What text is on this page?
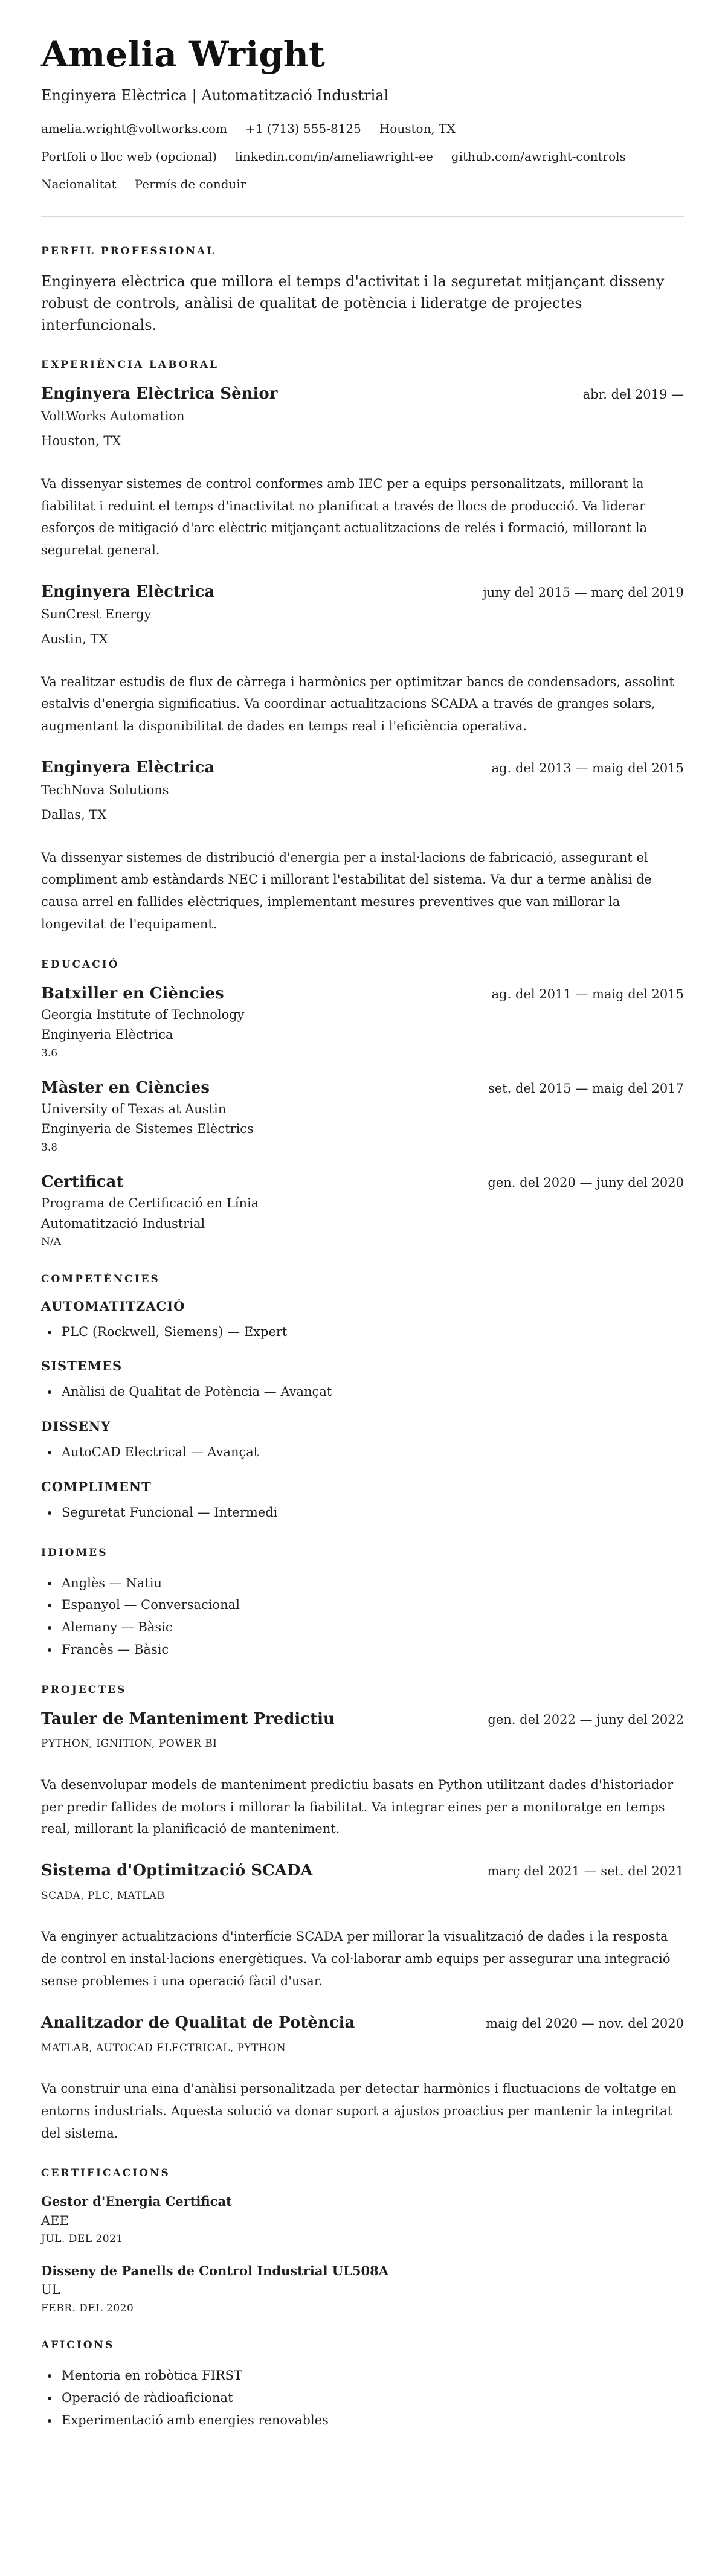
Amelia Wright
Enginyera Elèctrica | Automatització Industrial
amelia.wright@voltworks.com +1 (713) 555-8125 Houston, TX
Portfoli o lloc web (opcional) linkedin.com/in/ameliawright-ee github.com/awright-controls
Nacionalitat Permís de conduir
PERFIL PROFESSIONAL

Enginyera elèctrica que millora el temps d'activitat i la seguretat mitjançant disseny robust de controls, anàlisi de qualitat de potència i lideratge de projectes interfuncionals.

EXPERIÈNCIA LABORAL
Enginyera Elèctrica Sènior	abr. del 2019 —
VoltWorks Automation
Houston, TX
Va dissenyar sistemes de control conformes amb IEC per a equips personalitzats, millorant la fiabilitat i reduint el temps d'inactivitat no planificat a través de llocs de producció. Va liderar esforços de mitigació d'arc elèctric mitjançant actualitzacions de relés i formació, millorant la seguretat general.
Enginyera Elèctrica	juny del 2015 — març del 2019
SunCrest Energy
Austin, TX
Va realitzar estudis de flux de càrrega i harmònics per optimitzar bancs de condensadors, assolint estalvis d'energia significatius. Va coordinar actualitzacions SCADA a través de granges solars, augmentant la disponibilitat de dades en temps real i l'eficiència operativa.
Enginyera Elèctrica	ag. del 2013 — maig del 2015
TechNova Solutions
Dallas, TX
Va dissenyar sistemes de distribució d'energia per a instal·lacions de fabricació, assegurant el compliment amb estàndards NEC i millorant l'estabilitat del sistema. Va dur a terme anàlisi de causa arrel en fallides elèctriques, implementant mesures preventives que van millorar la longevitat de l'equipament.
EDUCACIÓ
Batxiller en Ciències	ag. del 2011 — maig del 2015
Georgia Institute of Technology
Enginyeria Elèctrica
3.6
Màster en Ciències	set. del 2015 — maig del 2017
University of Texas at Austin
Enginyeria de Sistemes Elèctrics
3.8
Certificat	gen. del 2020 — juny del 2020
Programa de Certificació en Línia
Automatització Industrial
N/A
COMPETÈNCIES
AUTOMATITZACIÓ
• PLC (Rockwell, Siemens) — Expert
SISTEMES
• Anàlisi de Qualitat de Potència — Avançat
DISSENY
• AutoCAD Electrical — Avançat
COMPLIMENT
• Seguretat Funcional — Intermedi
IDIOMES
• Anglès — Natiu
• Espanyol — Conversacional
• Alemany — Bàsic
• Francès — Bàsic
PROJECTES
Tauler de Manteniment Predictiu	gen. del 2022 — juny del 2022
PYTHON, IGNITION, POWER BI
Va desenvolupar models de manteniment predictiu basats en Python utilitzant dades d'historiador per predir fallides de motors i millorar la fiabilitat. Va integrar eines per a monitoratge en temps real, millorant la planificació de manteniment.
Sistema d'Optimització SCADA	març del 2021 — set. del 2021
SCADA, PLC, MATLAB
Va enginyer actualitzacions d'interfície SCADA per millorar la visualització de dades i la resposta de control en instal·lacions energètiques. Va col·laborar amb equips per assegurar una integració sense problemes i una operació fàcil d'usar.
Analitzador de Qualitat de Potència	maig del 2020 — nov. del 2020
MATLAB, AUTOCAD ELECTRICAL, PYTHON
Va construir una eina d'anàlisi personalitzada per detectar harmònics i fluctuacions de voltatge en entorns industrials. Aquesta solució va donar suport a ajustos proactius per mantenir la integritat del sistema.
CERTIFICACIONS
Gestor d'Energia Certificat
AEE
JUL. DEL 2021
Disseny de Panells de Control Industrial UL508A
UL
FEBR. DEL 2020
AFICIONS
• Mentoria en robòtica FIRST
• Operació de ràdioaficionat
• Experimentació amb energies renovables
